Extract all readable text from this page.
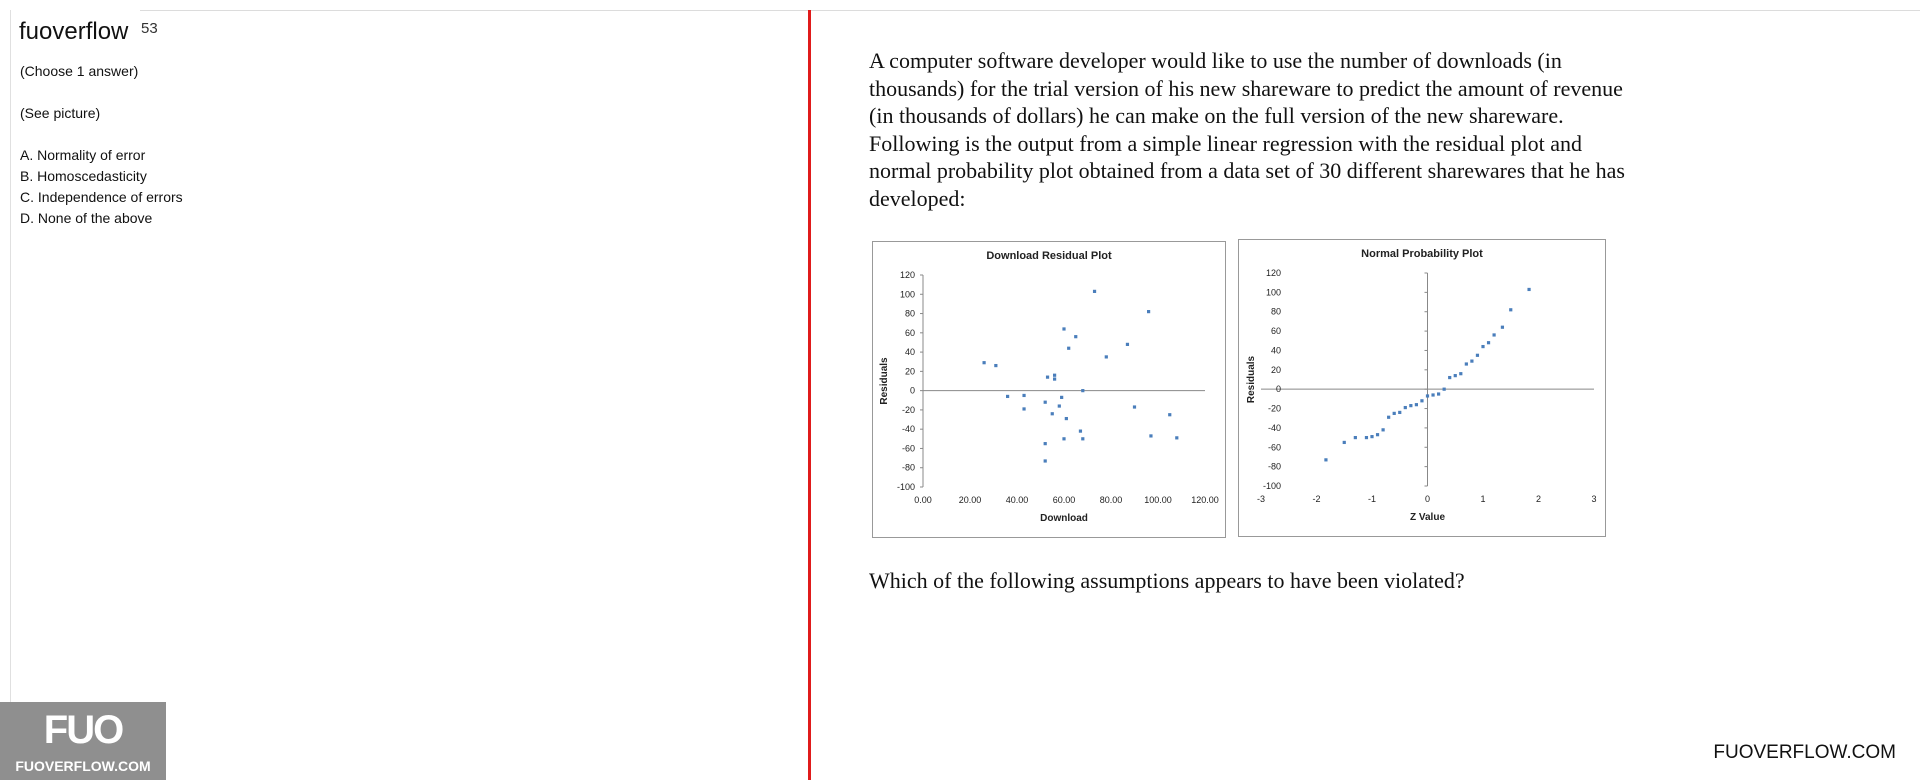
53
fuoverflow
(Choose 1 answer)
(See picture)
A. Normality of error
B. Homoscedasticity
C. Independence of errors
D. None of the above
FUO
FUOVERFLOW.COM
A computer software developer would like to use the number of downloads (in thousands) for the trial version of his new shareware to predict the amount of revenue (in thousands of dollars) he can make on the full version of the new shareware. Following is the output from a simple linear regression with the residual plot and normal probability plot obtained from a data set of 30 different sharewares that he has developed:
Download Residual Plot
120
100
80
60
40
20
0
-20
-40
-60
-80
-100
0.00	20.00	40.00	60.00	80.00 100.00 120.00
Download
Residuals
Normal Probability Plot
120
100
80
60
40
20
0
-20
-40
-60
-80
-100
-3	-2	-1	0	1	2	3
Z Value
Residuals
Which of the following assumptions appears to have been violated?
FUOVERFLOW.COM
